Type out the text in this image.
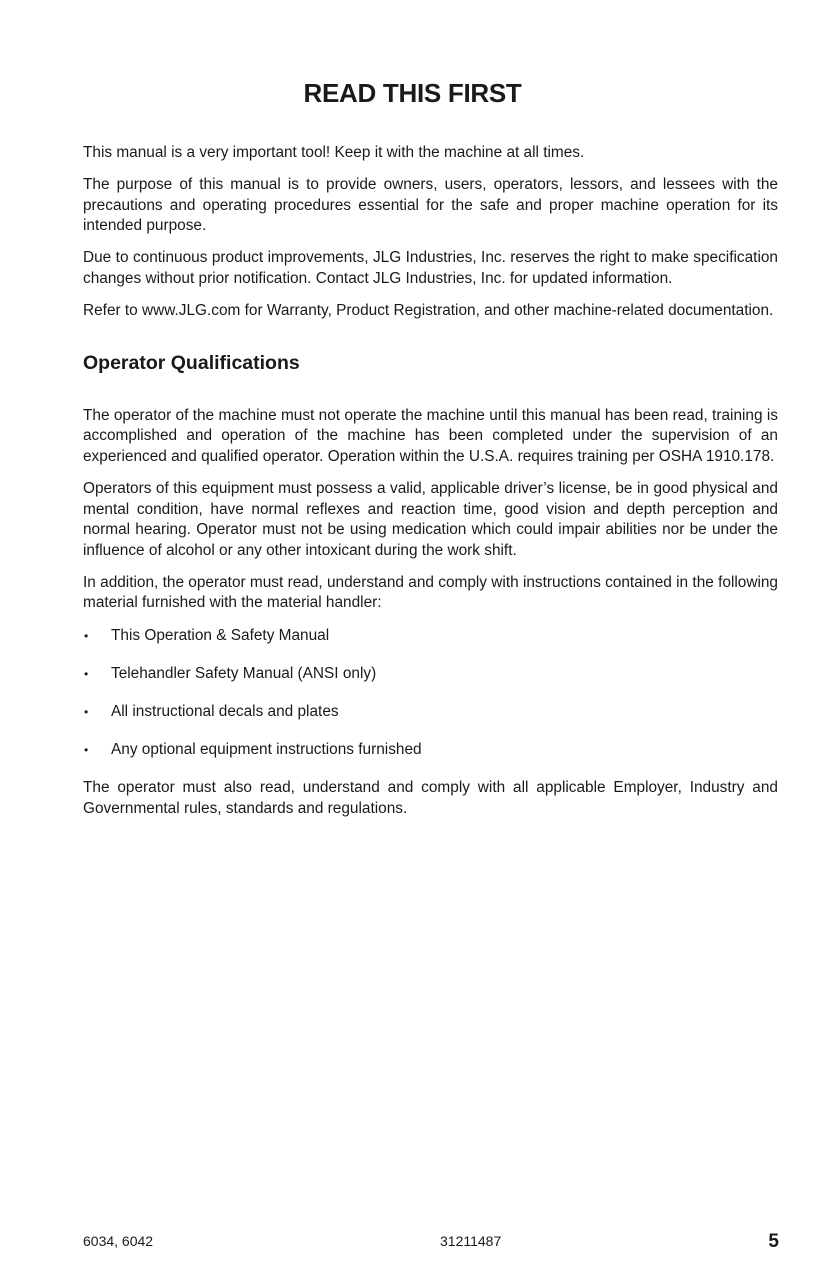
READ THIS FIRST

This manual is a very important tool! Keep it with the machine at all times.

The purpose of this manual is to provide owners, users, operators, lessors, and lessees with the precautions and operating procedures essential for the safe and proper machine operation for its intended purpose.

Due to continuous product improvements, JLG Industries, Inc. reserves the right to make specification changes without prior notification. Contact JLG Industries, Inc. for updated information.

Refer to www.JLG.com for Warranty, Product Registration, and other machine-related documentation.

Operator Qualifications

The operator of the machine must not operate the machine until this manual has been read, training is accomplished and operation of the machine has been completed under the supervision of an experienced and qualified operator. Operation within the U.S.A. requires training per OSHA 1910.178.

Operators of this equipment must possess a valid, applicable driver’s license, be in good physical and mental condition, have normal reflexes and reaction time, good vision and depth perception and normal hearing. Operator must not be using medication which could impair abilities nor be under the influence of alcohol or any other intoxicant during the work shift.

In addition, the operator must read, understand and comply with instructions contained in the following material furnished with the material handler:

• This Operation & Safety Manual
• Telehandler Safety Manual (ANSI only)
• All instructional decals and plates
• Any optional equipment instructions furnished

The operator must also read, understand and comply with all applicable Employer, Industry and Governmental rules, standards and regulations.

6034, 6042	31211487	5
